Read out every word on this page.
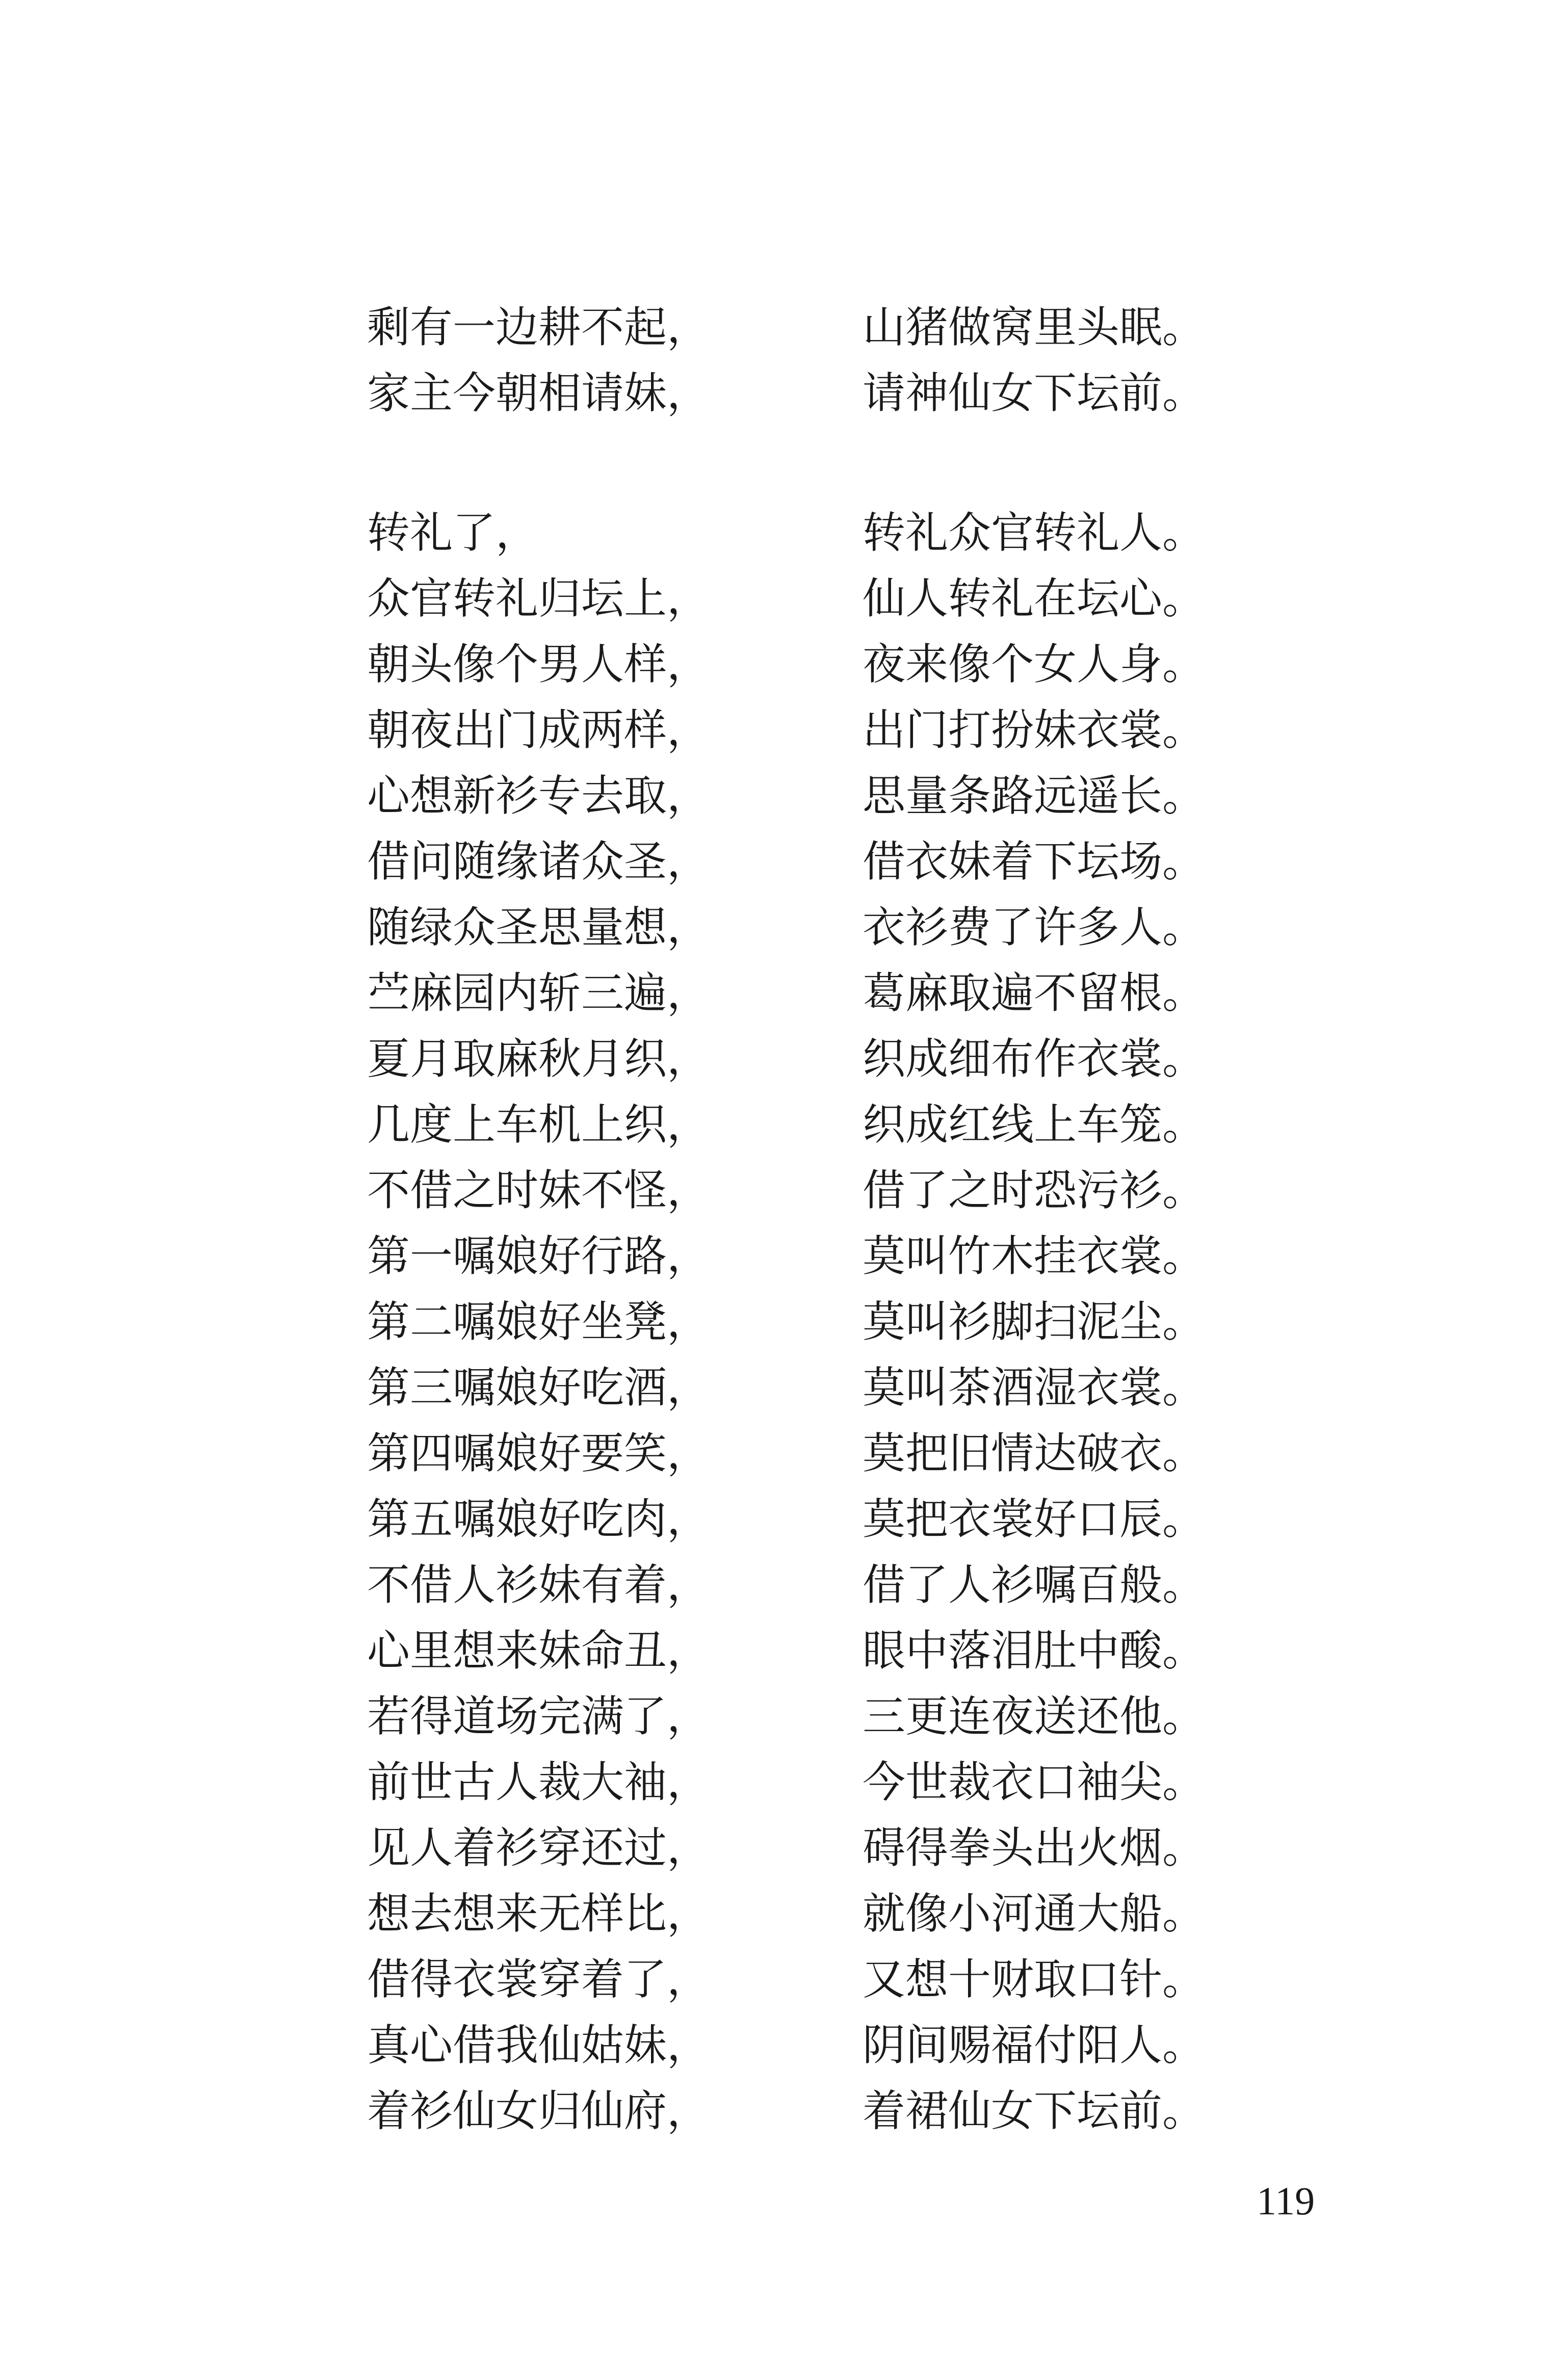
剩有一边耕不起，	山猪做窝里头眠。
家主今朝相请妹，	请神仙女下坛前。
转礼了，	转礼众官转礼人。
众官转礼归坛上，	仙人转礼在坛心。
朝头像个男人样，	夜来像个女人身。
朝夜出门成两样，	出门打扮妹衣裳。
心想新衫专去取，	思量条路远遥长。
借问随缘诸众圣，	借衣妹着下坛场。
随绿众圣思量想，	衣衫费了许多人。
苎麻园内斩三遍，	葛麻取遍不留根。
夏月取麻秋月织，	织成细布作衣裳。
几度上车机上织，	织成红线上车笼。
不借之时妹不怪，	借了之时恐污衫。
第一嘱娘好行路，	莫叫竹木挂衣裳。
第二嘱娘好坐凳，	莫叫衫脚扫泥尘。
第三嘱娘好吃酒，	莫叫茶酒湿衣裳。
第四嘱娘好要笑，	莫把旧情达破衣。
第五嘱娘好吃肉，	莫把衣裳好口辰。
不借人衫妹有着，	借了人衫嘱百般。
心里想来妹命丑，	眼中落泪肚中酸。
若得道场完满了，	三更连夜送还他。
前世古人裁大袖，	今世裁衣口袖尖。
见人着衫穿还过，	碍得拳头出火烟。
想去想来无样比，	就像小河通大船。
借得衣裳穿着了，	又想十财取口针。
真心借我仙姑妹，	阴间赐福付阳人。
着衫仙女归仙府，	着裙仙女下坛前。
119
